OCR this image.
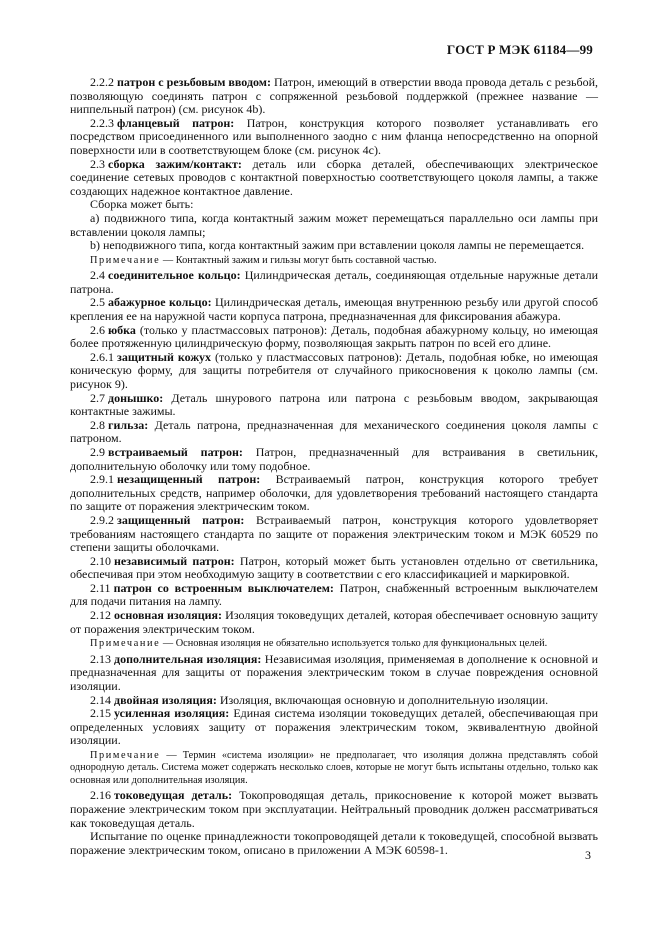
ГОСТ Р МЭК 61184—99

2.2.2 патрон с резьбовым вводом: Патрон, имеющий в отверстии ввода провода деталь с резьбой, позволяющую соединять патрон с сопряженной резьбовой поддержкой (прежнее название — ниппельный патрон) (см. рисунок 4b).

2.2.3 фланцевый патрон: Патрон, конструкция которого позволяет устанавливать его посредством присоединенного или выполненного заодно с ним фланца непосредственно на опорной поверхности или в соответствующем блоке (см. рисунок 4c).

2.3 сборка зажим/контакт: деталь или сборка деталей, обеспечивающих электрическое соединение сетевых проводов с контактной поверхностью соответствующего цоколя лампы, а также создающих надежное контактное давление.

Сборка может быть:

a) подвижного типа, когда контактный зажим может перемещаться параллельно оси лампы при вставлении цоколя лампы;

b) неподвижного типа, когда контактный зажим при вставлении цоколя лампы не перемещается.

Примечание — Контактный зажим и гильзы могут быть составной частью.

2.4 соединительное кольцо: Цилиндрическая деталь, соединяющая отдельные наружные детали патрона.

2.5 абажурное кольцо: Цилиндрическая деталь, имеющая внутреннюю резьбу или другой способ крепления ее на наружной части корпуса патрона, предназначенная для фиксирования абажура.

2.6 юбка (только у пластмассовых патронов): Деталь, подобная абажурному кольцу, но имеющая более протяженную цилиндрическую форму, позволяющая закрыть патрон по всей его длине.

2.6.1 защитный кожух (только у пластмассовых патронов): Деталь, подобная юбке, но имеющая коническую форму, для защиты потребителя от случайного прикосновения к цоколю лампы (см. рисунок 9).

2.7 донышко: Деталь шнурового патрона или патрона с резьбовым вводом, закрывающая контактные зажимы.

2.8 гильза: Деталь патрона, предназначенная для механического соединения цоколя лампы с патроном.

2.9 встраиваемый патрон: Патрон, предназначенный для встраивания в светильник, дополнительную оболочку или тому подобное.

2.9.1 незащищенный патрон: Встраиваемый патрон, конструкция которого требует дополнительных средств, например оболочки, для удовлетворения требований настоящего стандарта по защите от поражения электрическим током.

2.9.2 защищенный патрон: Встраиваемый патрон, конструкция которого удовлетворяет требованиям настоящего стандарта по защите от поражения электрическим током и МЭК 60529 по степени защиты оболочками.

2.10 независимый патрон: Патрон, который может быть установлен отдельно от светильника, обеспечивая при этом необходимую защиту в соответствии с его классификацией и маркировкой.

2.11 патрон со встроенным выключателем: Патрон, снабженный встроенным выключателем для подачи питания на лампу.

2.12 основная изоляция: Изоляция токоведущих деталей, которая обеспечивает основную защиту от поражения электрическим током.

Примечание — Основная изоляция не обязательно используется только для функциональных целей.

2.13 дополнительная изоляция: Независимая изоляция, применяемая в дополнение к основной и предназначенная для защиты от поражения электрическим током в случае повреждения основной изоляции.

2.14 двойная изоляция: Изоляция, включающая основную и дополнительную изоляции.

2.15 усиленная изоляция: Единая система изоляции токоведущих деталей, обеспечивающая при определенных условиях защиту от поражения электрическим током, эквивалентную двойной изоляции.

Примечание — Термин «система изоляции» не предполагает, что изоляция должна представлять собой однородную деталь. Система может содержать несколько слоев, которые не могут быть испытаны отдельно, только как основная или дополнительная изоляция.

2.16 токоведущая деталь: Токопроводящая деталь, прикосновение к которой может вызвать поражение электрическим током при эксплуатации. Нейтральный проводник должен рассматриваться как токоведущая деталь.

Испытание по оценке принадлежности токопроводящей детали к токоведущей, способной вызвать поражение электрическим током, описано в приложении А МЭК 60598-1.	3
